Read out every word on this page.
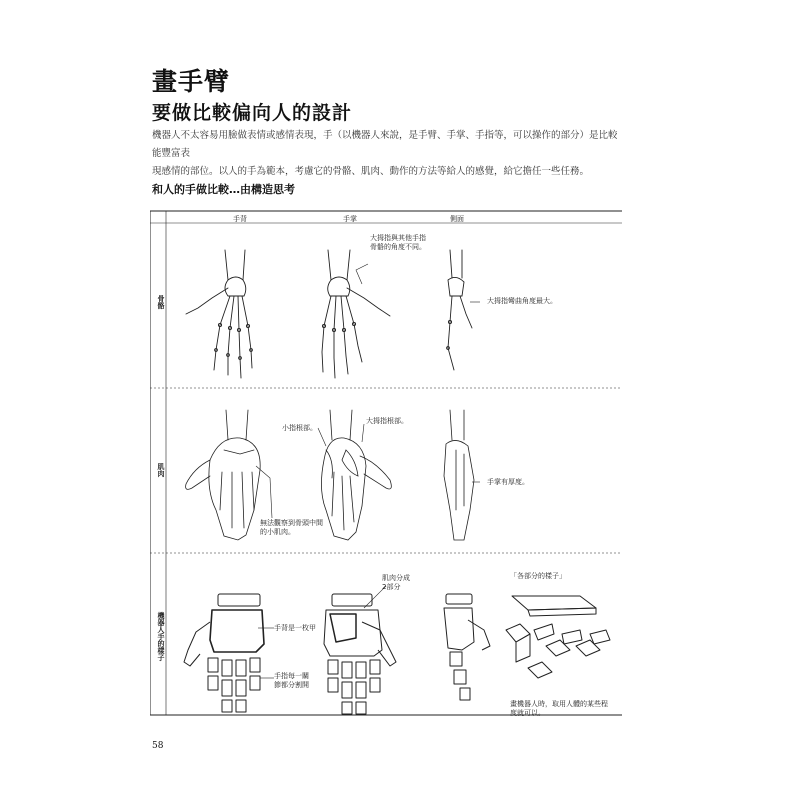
畫手臂
要做比較偏向人的設計
機器人不太容易用臉做表情或感情表現，手（以機器人來說，是手臂、手掌、手指等，可以操作的部分）是比較能豐富表
現感情的部位。以人的手為範本，考慮它的骨骼、肌肉、動作的方法等給人的感覺，給它擔任一些任務。
和人的手做比較…由構造思考
手背	手掌	側面
骨骼
肌肉
機器人手的樣子
大拇指與其他手指
骨骼的角度不同。
大拇指彎曲角度最大。
小指根部。
大拇指根部。
無法觀察到骨頭中間
的小肌肉。
手掌有厚度。
肌肉分成
2部分
「各部分的樣子」
手背是一枚甲
手指每一關
節都分割開
畫機器人時，取用人體的某些程
度就可以。
58
